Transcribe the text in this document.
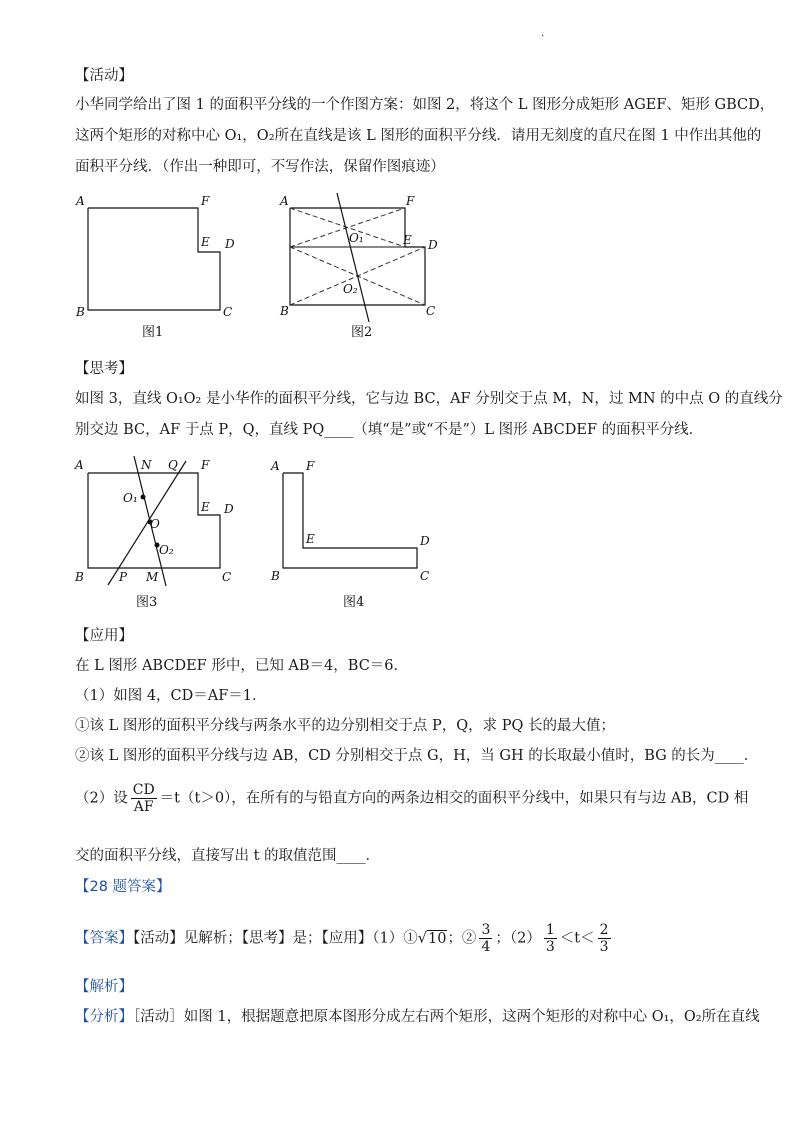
.
【活动】
小华同学给出了图 1 的面积平分线的一个作图方案：如图 2，将这个 L 图形分成矩形 AGEF、矩形 GBCD，
这两个矩形的对称中心 O₁，O₂所在直线是该 L 图形的面积平分线．请用无刻度的直尺在图 1 中作出其他的
面积平分线．（作出一种即可，不写作法，保留作图痕迹）
A	F
E D
B	C
图1
A	F
E D
O₁
O₂
B	C
图2
【思考】
如图 3，直线 O₁O₂ 是小华作的面积平分线，它与边 BC，AF 分别交于点 M，N，过 MN 的中点 O 的直线分
别交边 BC，AF 于点 P，Q，直线 PQ____（填“是”或“不是”）L 图形 ABCDEF 的面积平分线．
A	N Q F
O₁
E D
O
O₂
B	P M	C
图3
A F
E	D
B	C
图4
【应用】
在 L 图形 ABCDEF 形中，已知 AB＝4，BC＝6．
（1）如图 4，CD＝AF＝1．
①该 L 图形的面积平分线与两条水平的边分别相交于点 P，Q，求 PQ 长的最大值；
②该 L 图形的面积平分线与边 AB，CD 分别相交于点 G，H，当 GH 的长取最小值时，BG 的长为____．
（2）设 $\frac{CD}{AF} =t(t>0)$，在所有的与铅直方向的两条边相交的面积平分线中，如果只有与边 AB，CD 相
交的面积平分线，直接写出 t 的取值范围____．
【28 题答案】
【答案】【活动】见解析；【思考】是；【应用】（1）①√10；② $\frac{3}{4}$ ；$(2) \frac{1}{3} <t< \frac{2}{3}$
【解析】
【分析】［活动］如图 1，根据题意把原本图形分成左右两个矩形，这两个矩形的对称中心 O₁，O₂所在直线
